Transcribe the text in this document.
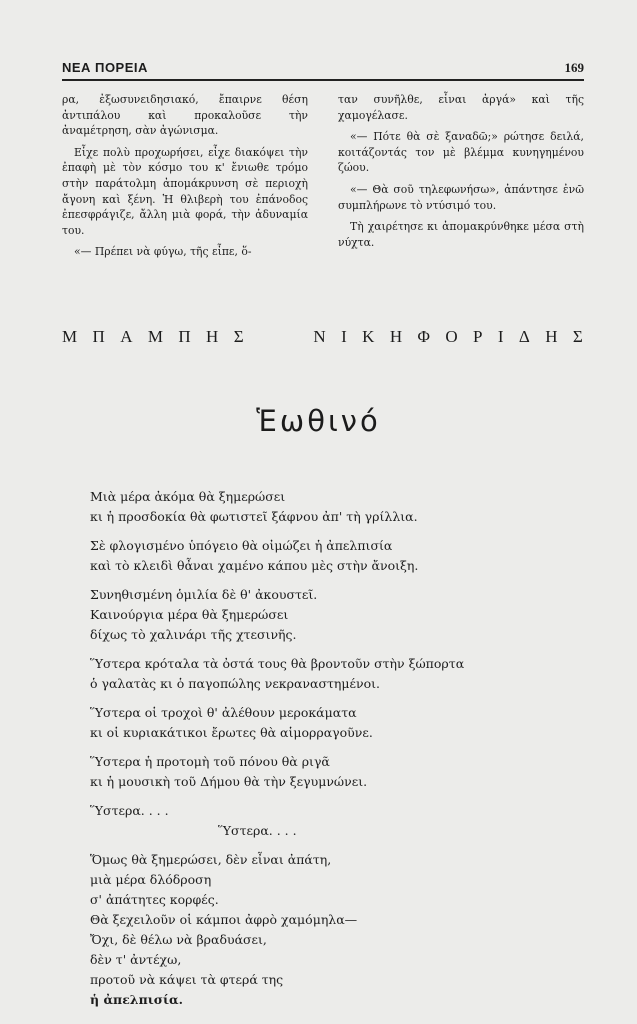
ΝΕΑ ΠΟΡΕΙΑ	169

ρα, ἐξωσυνειδησιακό, ἔπαιρνε θέση ἀντιπάλου καὶ προκαλοῦσε τὴν ἀναμέτρηση, σὰν ἀγώνισμα.

Εἶχε πολὺ προχωρήσει, εἶχε διακόψει τὴν ἐπαφὴ μὲ τὸν κόσμο του κ' ἔνιωθε τρόμο στὴν παράτολμη ἀπομάκρυνση σὲ περιοχὴ ἄγονη καὶ ξένη. Ἡ θλιβερὴ του ἐπάνοδος ἐπεσφράγιζε, ἄλλη μιὰ φορά, τὴν ἀδυναμία του.

«— Πρέπει νὰ φύγω, τῆς εἶπε, ὅ-

ταν συνῆλθε, εἶναι ἀργά» καὶ τῆς χαμογέλασε.

«— Πότε θὰ σὲ ξαναδῶ;» ρώτησε δειλά, κοιτάζοντάς τον μὲ βλέμμα κυνηγημένου ζώου.

«— Θὰ σοῦ τηλεφωνήσω», ἀπάντησε ἐνῶ συμπλήρωνε τὸ ντύσιμό του.

Τὴ χαιρέτησε κι ἀπομακρύνθηκε μέσα στὴ νύχτα.

Μ Π Α Μ Π Η Σ	Ν Ι Κ Η Φ Ο Ρ Ι Δ Η Σ
Ἑωθινό
Μιὰ μέρα ἀκόμα θὰ ξημερώσει
κι ἡ προσδοκία θὰ φωτιστεῖ ξάφνου ἀπ' τὴ γρίλλια.
Σὲ φλογισμένο ὑπόγειο θὰ οἰμώζει ἡ ἀπελπισία
καὶ τὸ κλειδὶ θἆναι χαμένο κάπου μὲς στὴν ἄνοιξη.
Συνηθισμένη ὁμιλία δὲ θ' ἀκουστεῖ.
Καινούργια μέρα θὰ ξημερώσει
δίχως τὸ χαλινάρι τῆς χτεσινῆς.
Ὕστερα κρόταλα τὰ ὀστά τους θὰ βροντοῦν στὴν ξώπορτα
ὁ γαλατὰς κι ὁ παγοπώλης νεκραναστημένοι.
Ὕστερα οἱ τροχοὶ θ' ἀλέθουν μεροκάματα
κι οἱ κυριακάτικοι ἔρωτες θὰ αἱμορραγοῦνε.
Ὕστερα ἡ προτομὴ τοῦ πόνου θὰ ριγᾶ
κι ἡ μουσικὴ τοῦ Δήμου θὰ τὴν ξεγυμνώνει.
Ὕστερα. . . .
Ὕστερα. . . .
Ὅμως θὰ ξημερώσει, δὲν εἶναι ἀπάτη,
μιὰ μέρα δλόδροση
σ' ἀπάτητες κορφές.
Θὰ ξεχειλοῦν οἱ κάμποι ἀφρὸ χαμόμηλα—
Ὄχι, δὲ θέλω νὰ βραδυάσει,
δὲν τ' ἀντέχω,
προτοῦ νὰ κάψει τὰ φτερά της
ἡ ἀπελπισία.
